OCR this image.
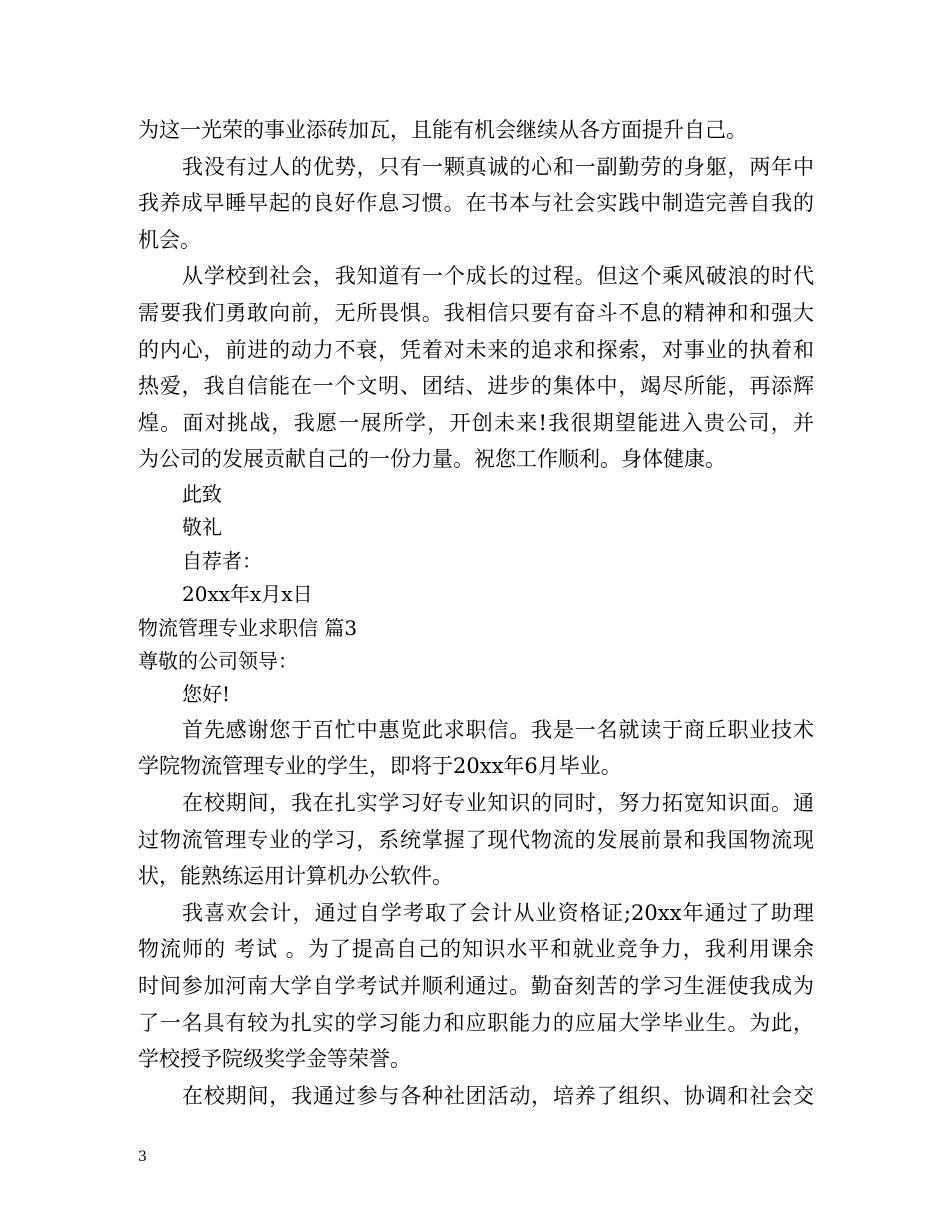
为这一光荣的事业添砖加瓦，且能有机会继续从各方面提升自己。
我没有过人的优势，只有一颗真诚的心和一副勤劳的身躯，两年中
我养成早睡早起的良好作息习惯。在书本与社会实践中制造完善自我的
机会。
从学校到社会，我知道有一个成长的过程。但这个乘风破浪的时代
需要我们勇敢向前，无所畏惧。我相信只要有奋斗不息的精神和和强大
的内心，前进的动力不衰，凭着对未来的追求和探索，对事业的执着和
热爱，我自信能在一个文明、团结、进步的集体中，竭尽所能，再添辉
煌。面对挑战，我愿一展所学，开创未来!我很期望能进入贵公司，并
为公司的发展贡献自己的一份力量。祝您工作顺利。身体健康。
此致
敬礼
自荐者：
20xx年x月x日
物流管理专业求职信 篇3
尊敬的公司领导：
您好!
首先感谢您于百忙中惠览此求职信。我是一名就读于商丘职业技术
学院物流管理专业的学生，即将于20xx年6月毕业。
在校期间，我在扎实学习好专业知识的同时，努力拓宽知识面。通
过物流管理专业的学习，系统掌握了现代物流的发展前景和我国物流现
状，能熟练运用计算机办公软件。
我喜欢会计，通过自学考取了会计从业资格证;20xx年通过了助理
物流师的 考试 。为了提高自己的知识水平和就业竞争力，我利用课余
时间参加河南大学自学考试并顺利通过。勤奋刻苦的学习生涯使我成为
了一名具有较为扎实的学习能力和应职能力的应届大学毕业生。为此，
学校授予院级奖学金等荣誉。
在校期间，我通过参与各种社团活动，培养了组织、协调和社会交
3
